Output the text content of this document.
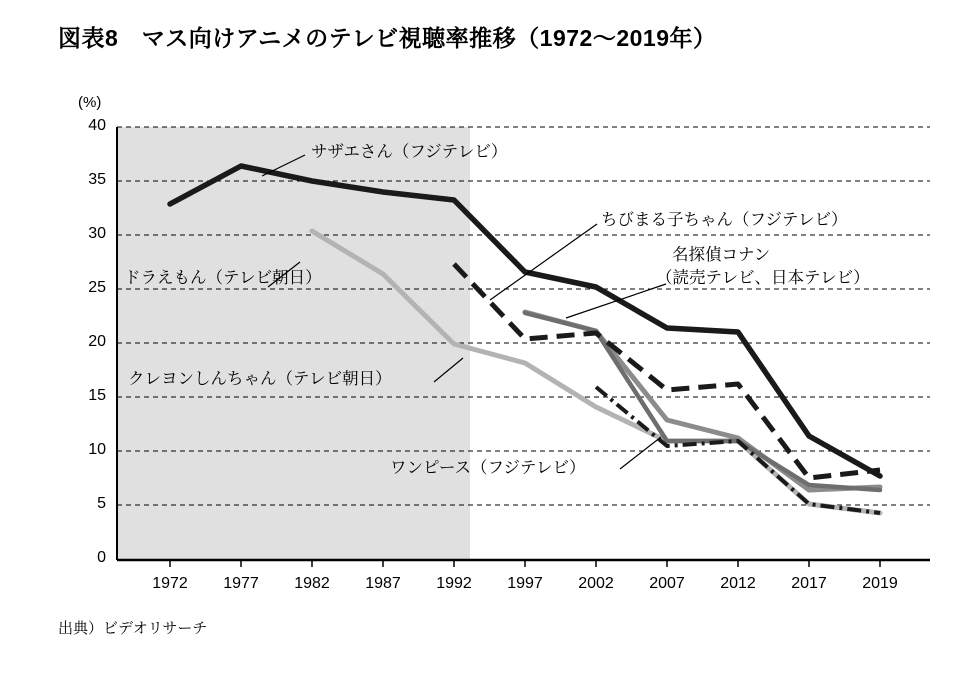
図表8　マス向けアニメのテレビ視聴率推移（1972〜2019年）
(%)
40
35
30
25
20
15
10
5
0
1972	1977	1982	1987	1992	1997	2002	2007	2012	2017	2019
サザエさん（フジテレビ）
ちびまる子ちゃん（フジテレビ）
名探偵コナン
（読売テレビ、日本テレビ）
ドラえもん（テレビ朝日）
クレヨンしんちゃん（テレビ朝日）
ワンピース（フジテレビ）
出典）ビデオリサーチ
